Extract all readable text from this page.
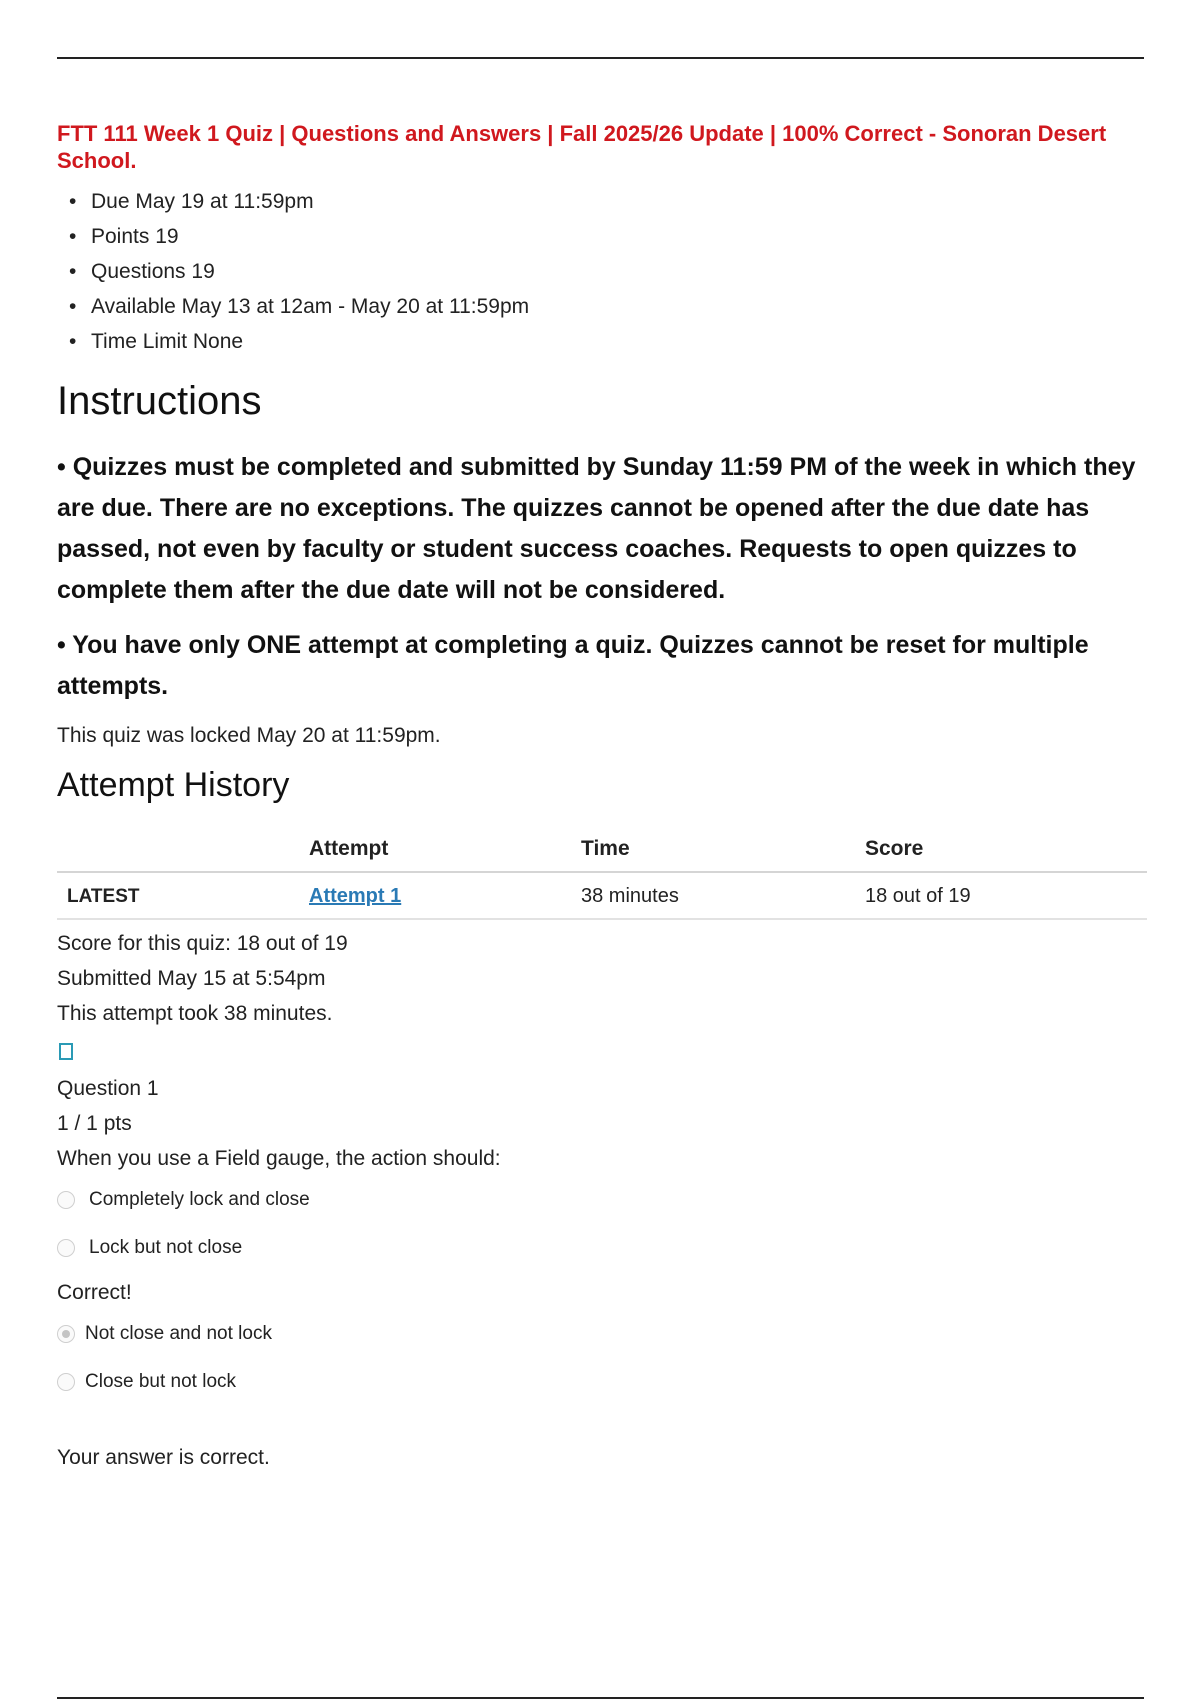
FTT 111 Week 1 Quiz | Questions and Answers | Fall 2025/26 Update | 100% Correct - Sonoran Desert School.
• Due May 19 at 11:59pm
• Points 19
• Questions 19
• Available May 13 at 12am - May 20 at 11:59pm
• Time Limit None
Instructions

• Quizzes must be completed and submitted by Sunday 11:59 PM of the week in which they are due. There are no exceptions. The quizzes cannot be opened after the due date has passed, not even by faculty or student success coaches. Requests to open quizzes to complete them after the due date will not be considered.

• You have only ONE attempt at completing a quiz. Quizzes cannot be reset for multiple attempts.

This quiz was locked May 20 at 11:59pm.
Attempt History
	Attempt	Time	Score
LATEST	Attempt 1	38 minutes	18 out of 19

Score for this quiz: 18 out of 19

Submitted May 15 at 5:54pm

This attempt took 38 minutes.

Question 1

1 / 1 pts

When you use a Field gauge, the action should:

Completely lock and close
Lock but not close
Correct!
Not close and not lock
Close but not lock
Your answer is correct.
